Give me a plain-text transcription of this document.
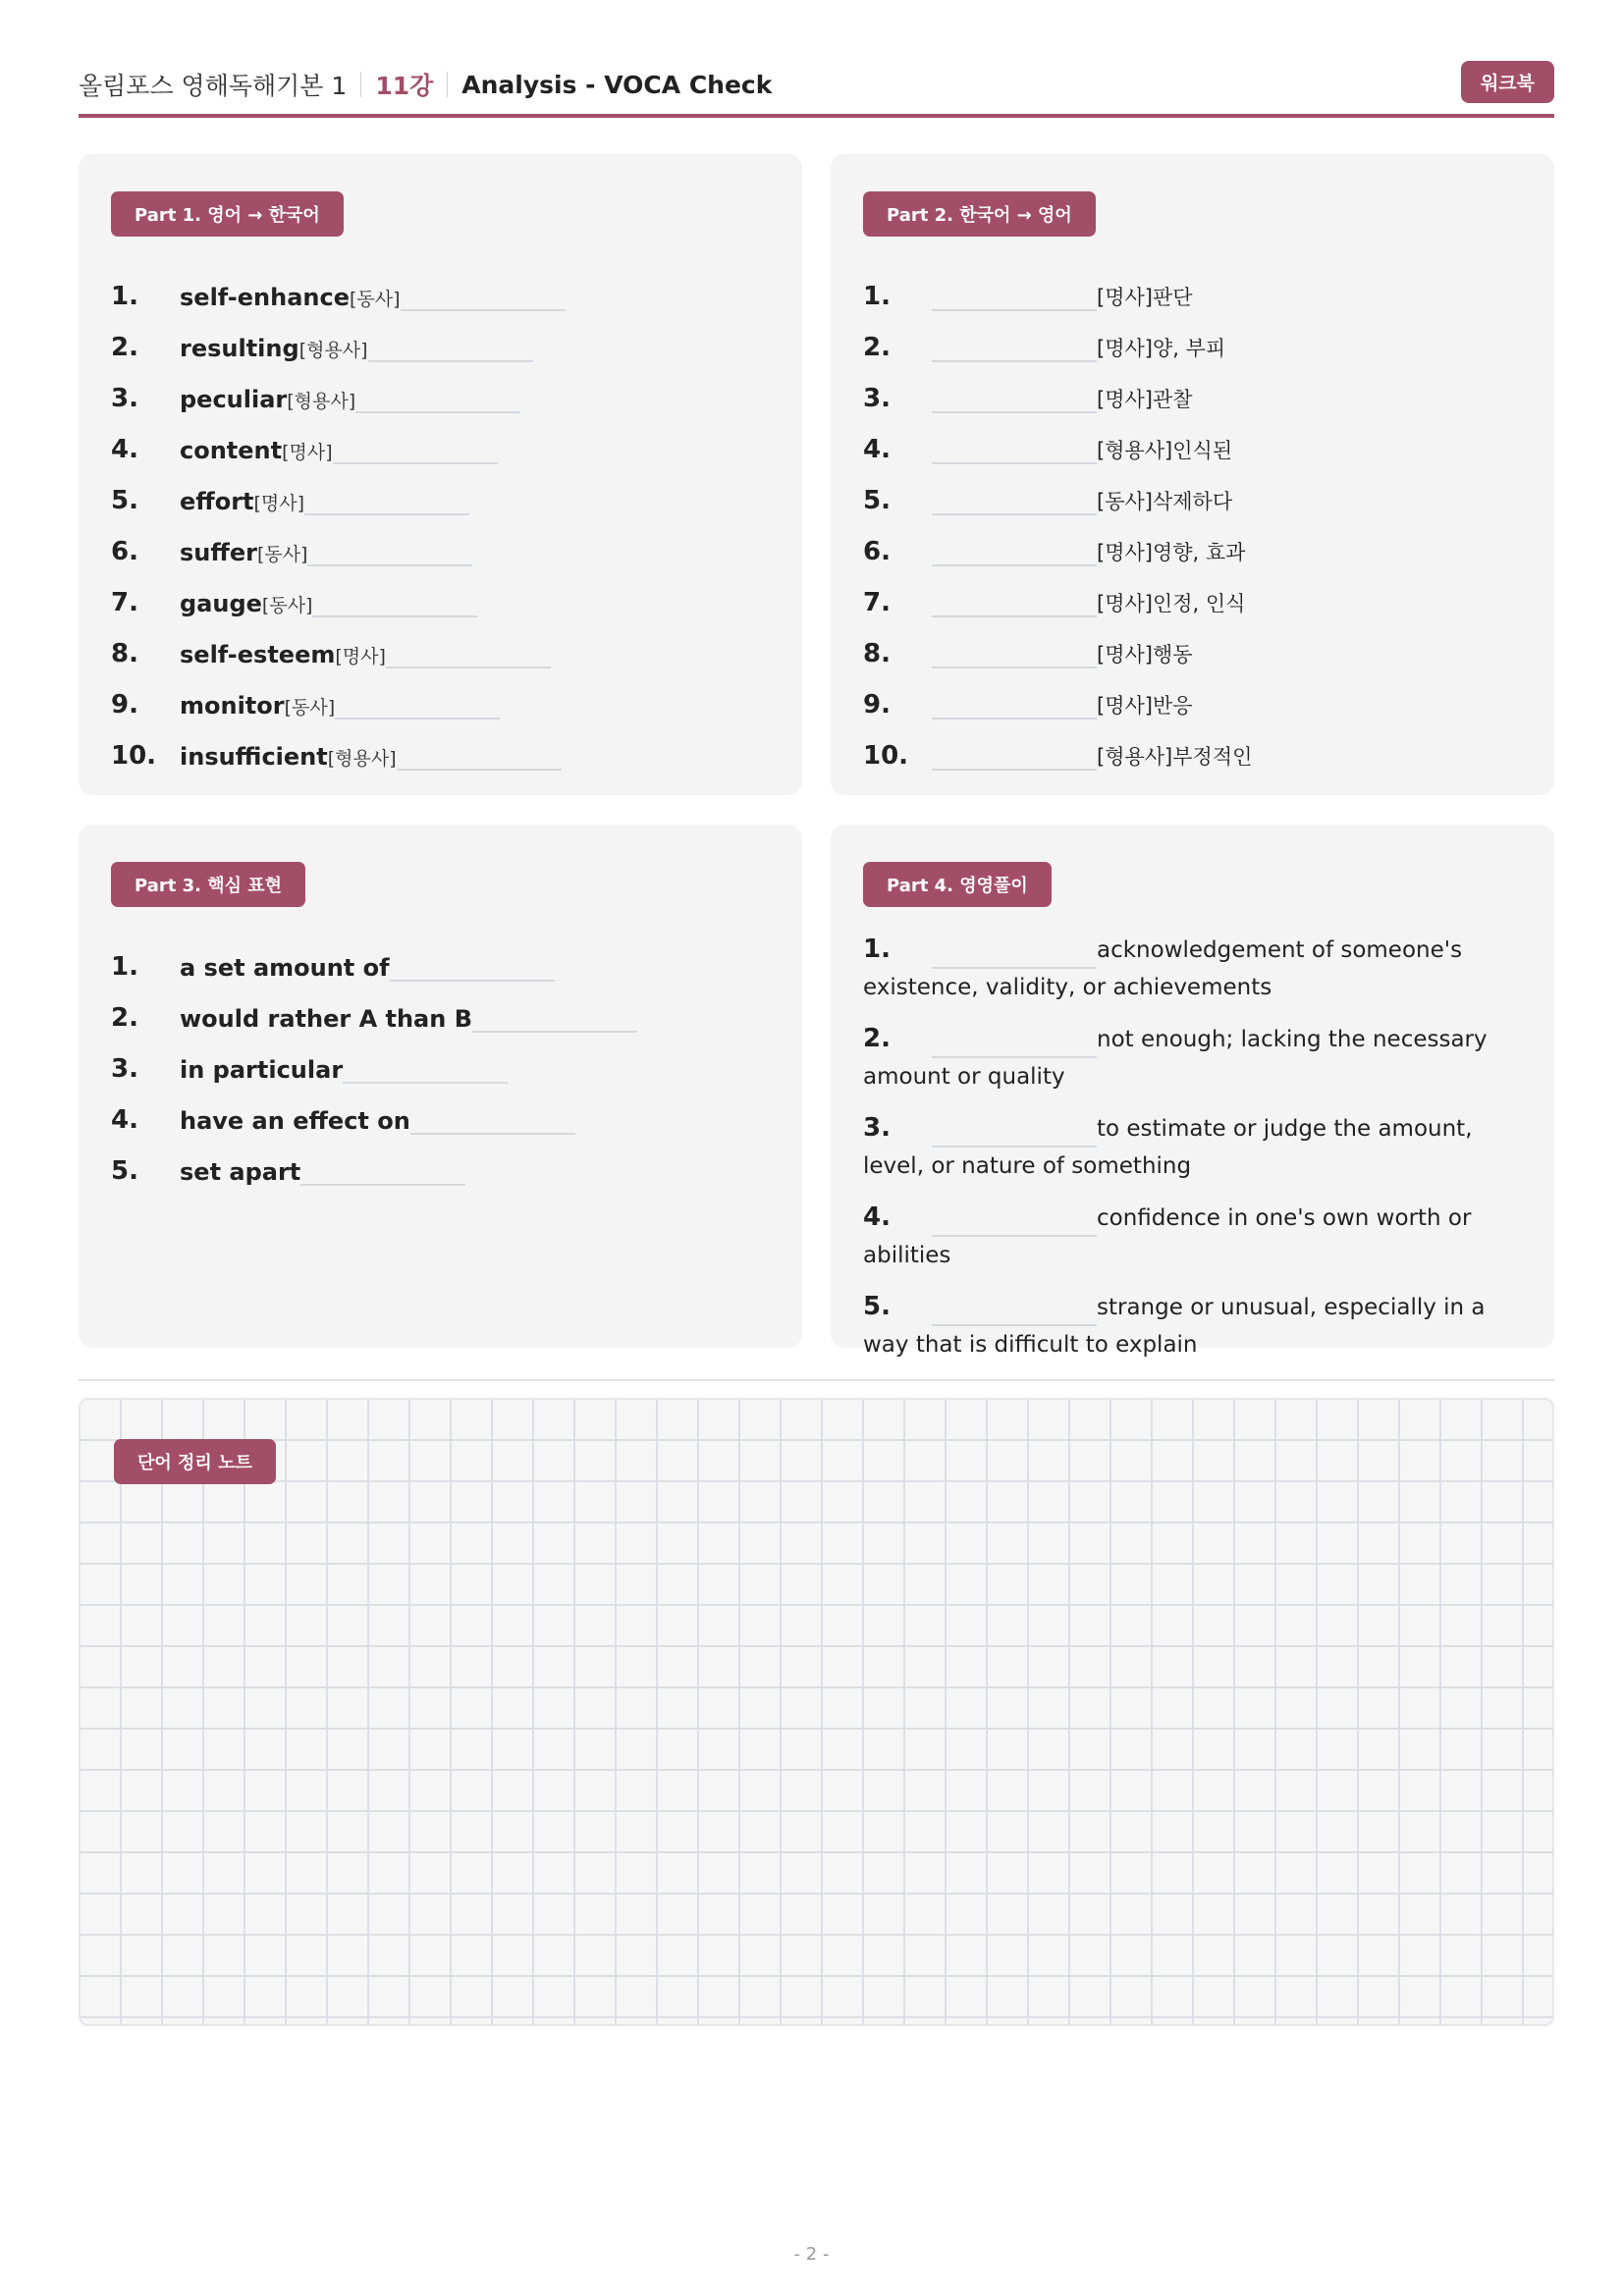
올림포스 영해독해기본 1 11강 Analysis - VOCA Check	워크북
Part 1. 영어 → 한국어
1.	self-enhance [동사]
2.	resulting [형용사]
3.	peculiar [형용사]
4.	content [명사]
5.	effort [명사]
6.	suffer [동사]
7.	gauge [동사]
8.	self-esteem [명사]
9.	monitor [동사]
10. insufficient [형용사]
Part 2. 한국어 → 영어
1.	[명사]판단
2.	[명사]양, 부피
3.	[명사]관찰
4.	[형용사]인식된
5.	[동사]삭제하다
6.	[명사]영향, 효과
7.	[명사]인정, 인식
8.	[명사]행동
9.	[명사]반응
10.	[형용사]부정적인
Part 3. 핵심 표현
1.	a set amount of
2.	would rather A than B
3.	in particular
4.	have an effect on
5.	set apart
Part 4. 영영풀이
1.	acknowledgement of someone's existence, validity, or achievements
2.	not enough; lacking the necessary amount or quality
3.	to estimate or judge the amount, level, or nature of something
4.	confidence in one's own worth or abilities
5.	strange or unusual, especially in a way that is difficult to explain
단어 정리 노트
- 2 -
